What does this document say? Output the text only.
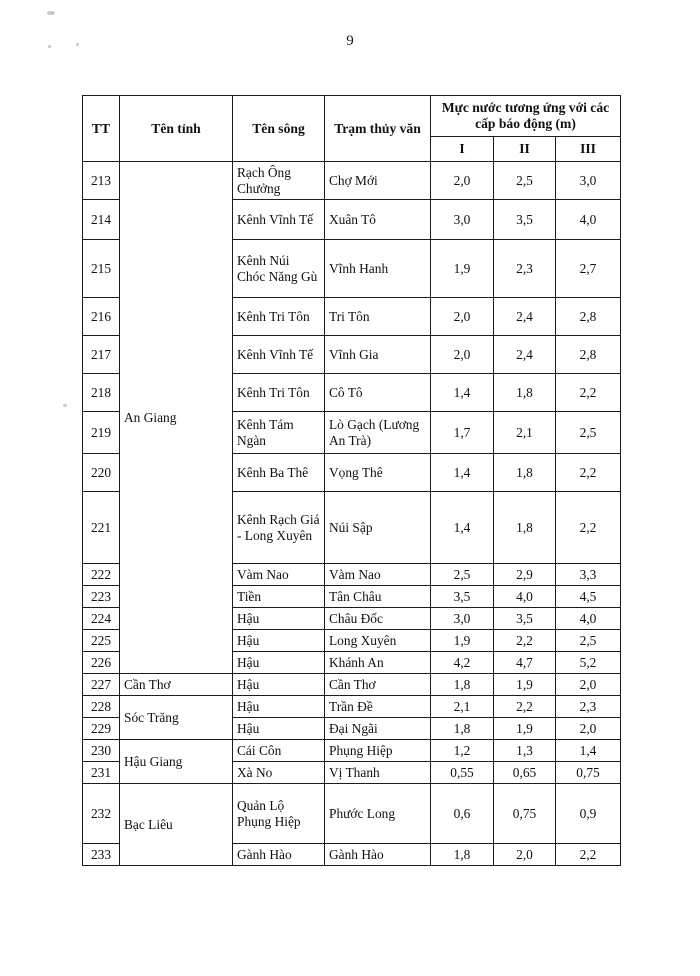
9
TT	Tên tỉnh	Tên sông	Trạm thủy văn	Mực nước tương ứng với các cấp báo động (m)		
				I	II	III
213	An Giang	Rạch Ông Chưởng	Chợ Mới	2,0	2,5	3,0
214		Kênh Vĩnh Tế	Xuân Tô	3,0	3,5	4,0
215		Kênh Núi Chóc Năng Gù	Vĩnh Hanh	1,9	2,3	2,7
216		Kênh Tri Tôn	Tri Tôn	2,0	2,4	2,8
217		Kênh Vĩnh Tế	Vĩnh Gia	2,0	2,4	2,8
218		Kênh Tri Tôn	Cô Tô	1,4	1,8	2,2
219		Kênh Tám Ngàn	Lò Gạch (Lương An Trà)	1,7	2,1	2,5
220		Kênh Ba Thê	Vọng Thê	1,4	1,8	2,2
221		Kênh Rạch Giá - Long Xuyên	Núi Sập	1,4	1,8	2,2
222		Vàm Nao	Vàm Nao	2,5	2,9	3,3
223		Tiền	Tân Châu	3,5	4,0	4,5
224		Hậu	Châu Đốc	3,0	3,5	4,0
225		Hậu	Long Xuyên	1,9	2,2	2,5
226		Hậu	Khánh An	4,2	4,7	5,2
227	Cần Thơ	Hậu	Cần Thơ	1,8	1,9	2,0
228	Sóc Trăng	Hậu	Trần Đề	2,1	2,2	2,3
229		Hậu	Đại Ngãi	1,8	1,9	2,0
230	Hậu Giang	Cái Côn	Phụng Hiệp	1,2	1,3	1,4
231		Xà No	Vị Thanh	0,55	0,65	0,75
232	Bạc Liêu	Quản Lộ Phụng Hiệp	Phước Long	0,6	0,75	0,9
233		Gành Hào	Gành Hào	1,8	2,0	2,2
